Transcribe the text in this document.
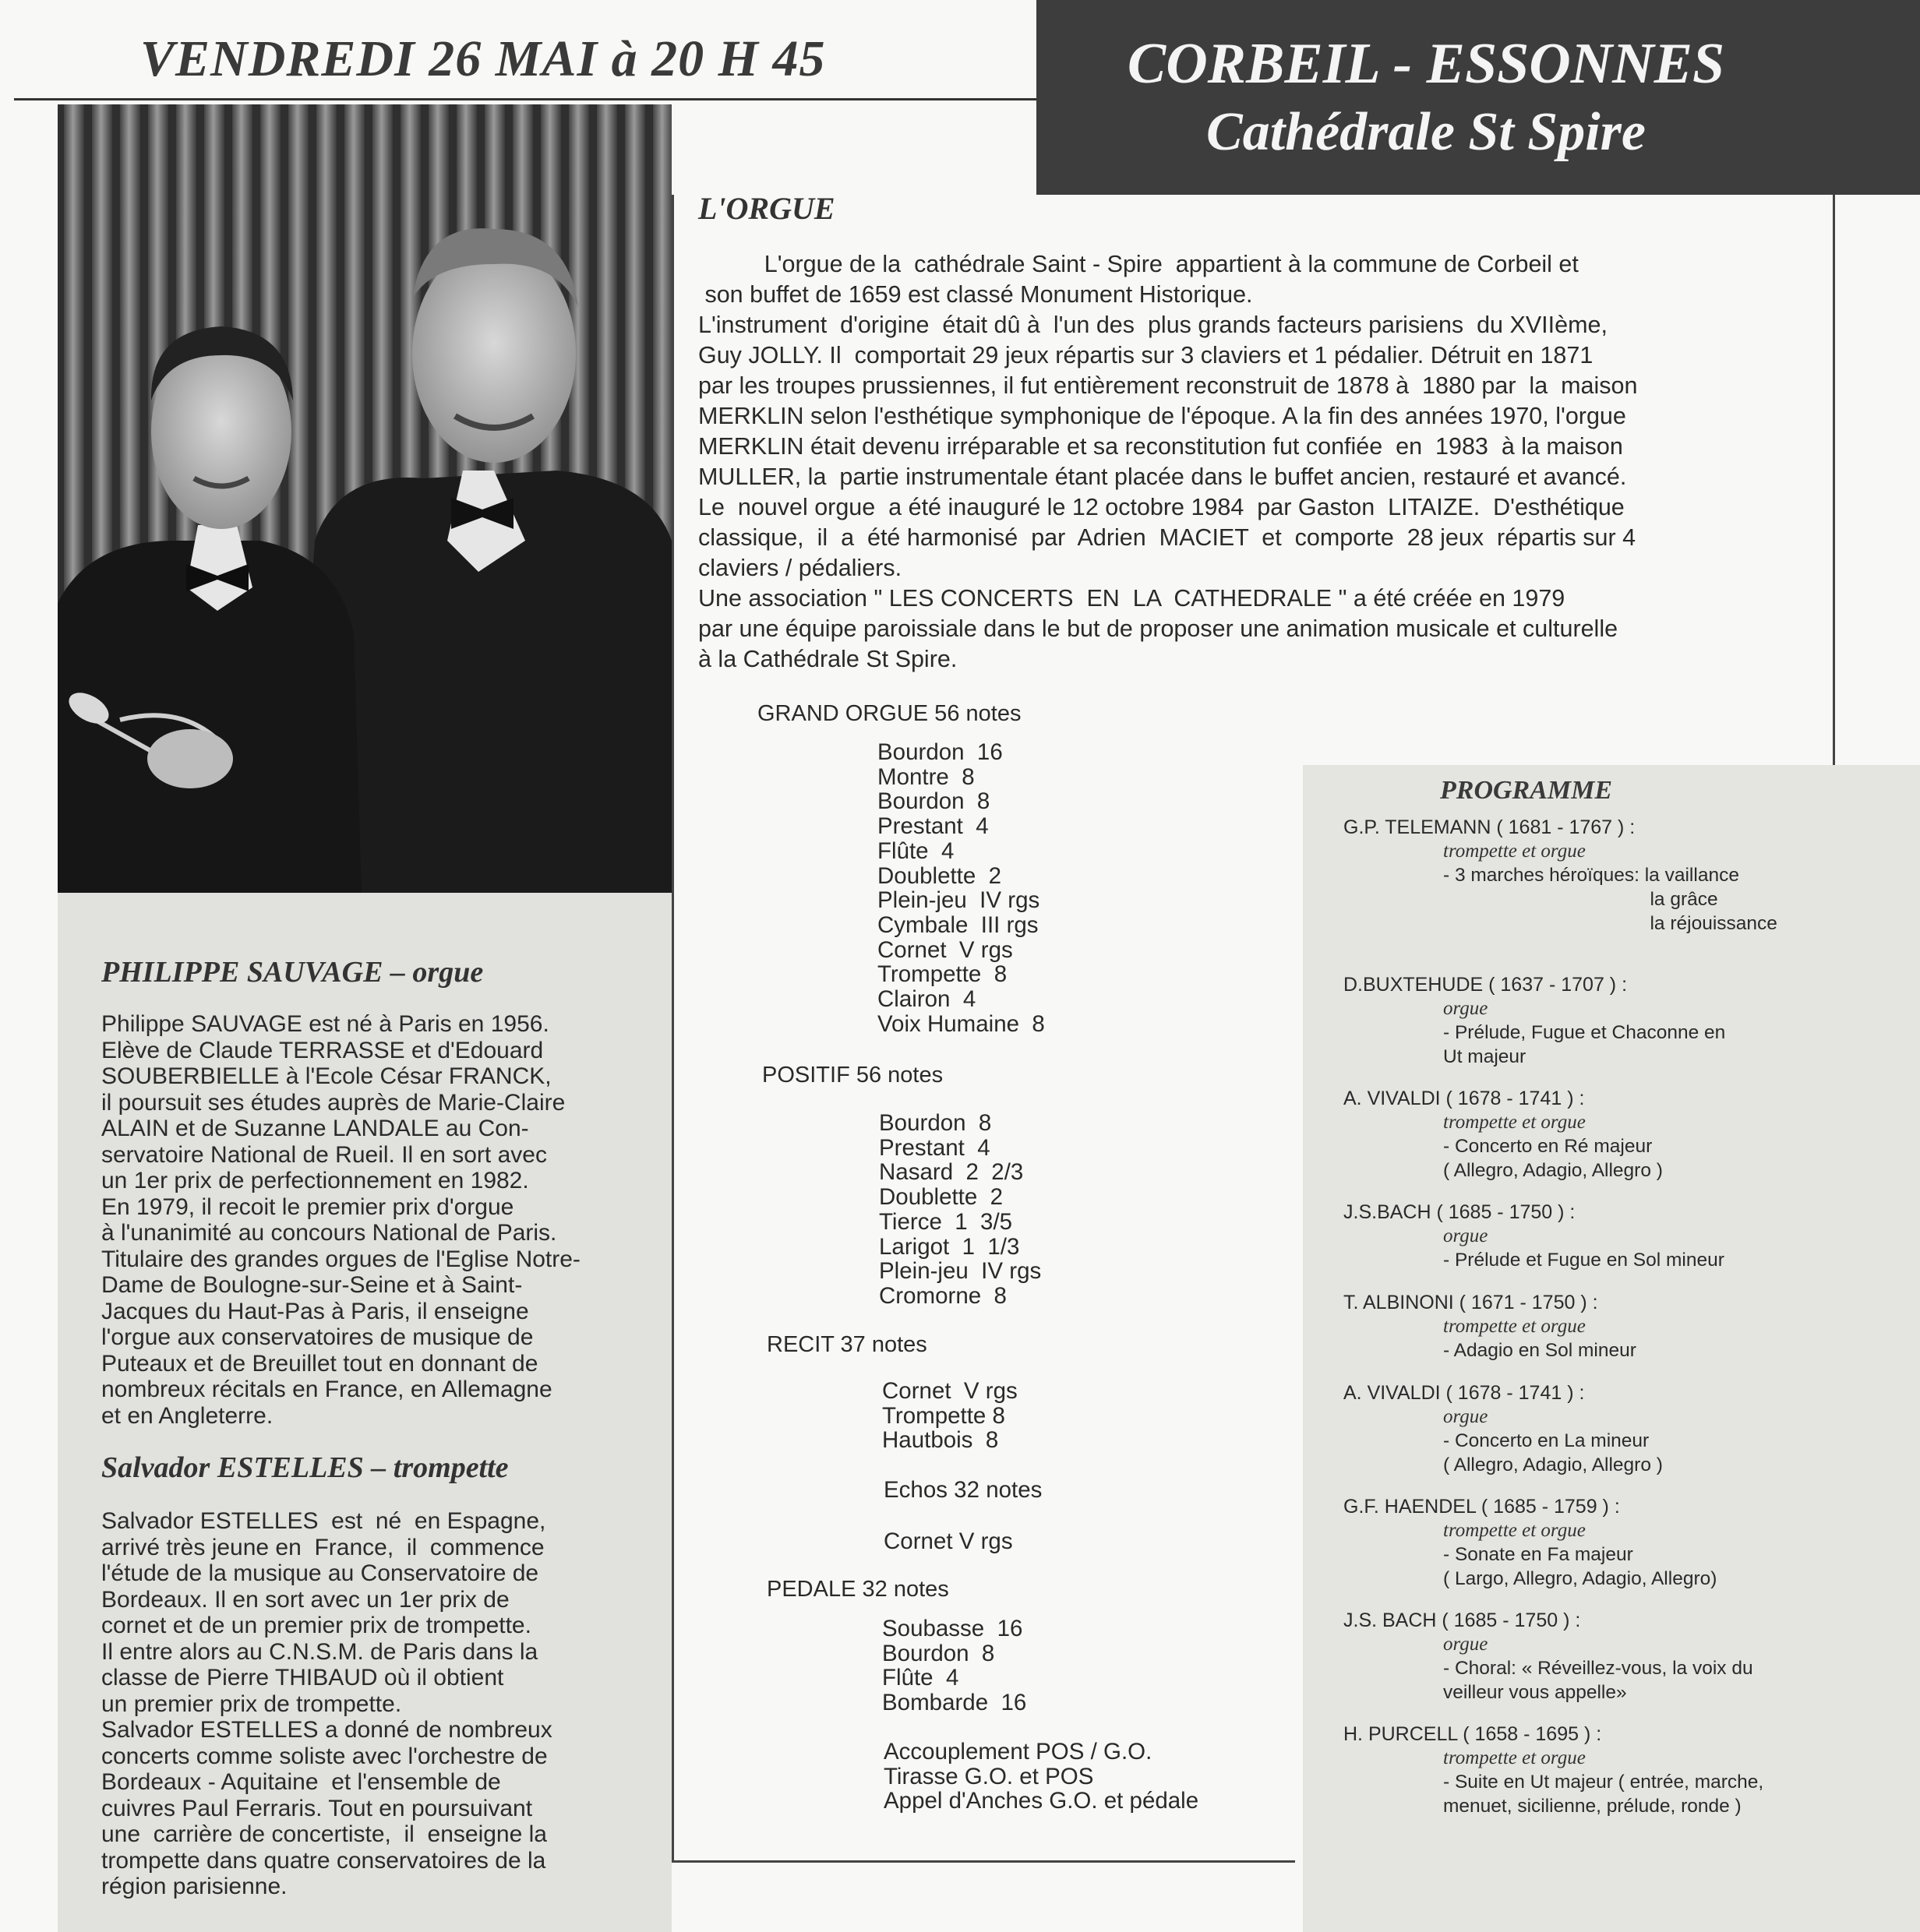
VENDREDI 26 MAI à 20 H 45	CORBEIL - ESSONNES
Cathédrale St Spire
PHILIPPE SAUVAGE – orgue
Philippe SAUVAGE est né à Paris en 1956.
Elève de Claude TERRASSE et d'Edouard
SOUBERBIELLE à l'Ecole César FRANCK,
il poursuit ses études auprès de Marie-Claire
ALAIN et de Suzanne LANDALE au Con-
servatoire National de Rueil. Il en sort avec
un 1er prix de perfectionnement en 1982.
En 1979, il recoit le premier prix d'orgue
à l'unanimité au concours National de Paris.
Titulaire des grandes orgues de l'Eglise Notre-
Dame de Boulogne-sur-Seine et à Saint-
Jacques du Haut-Pas à Paris, il enseigne
l'orgue aux conservatoires de musique de
Puteaux et de Breuillet tout en donnant de
nombreux récitals en France, en Allemagne
et en Angleterre.
Salvador ESTELLES – trompette
Salvador ESTELLES  est  né  en Espagne,
arrivé très jeune en  France,  il  commence
l'étude de la musique au Conservatoire de
Bordeaux. Il en sort avec un 1er prix de
cornet et de un premier prix de trompette.
Il entre alors au C.N.S.M. de Paris dans la
classe de Pierre THIBAUD où il obtient
un premier prix de trompette.
Salvador ESTELLES a donné de nombreux
concerts comme soliste avec l'orchestre de
Bordeaux - Aquitaine  et l'ensemble de
cuivres Paul Ferraris. Tout en poursuivant
une  carrière de concertiste,  il  enseigne la
trompette dans quatre conservatoires de la
région parisienne.
L'ORGUE
L'orgue de la  cathédrale Saint - Spire  appartient à la commune de Corbeil et
son buffet de 1659 est classé Monument Historique.
L'instrument  d'origine  était dû à  l'un des  plus grands facteurs parisiens  du XVIIème,
Guy JOLLY. Il  comportait 29 jeux répartis sur 3 claviers et 1 pédalier. Détruit en 1871
par les troupes prussiennes, il fut entièrement reconstruit de 1878 à  1880 par  la  maison
MERKLIN selon l'esthétique symphonique de l'époque. A la fin des années 1970, l'orgue
MERKLIN était devenu irréparable et sa reconstitution fut confiée  en  1983  à la maison
MULLER, la  partie instrumentale étant placée dans le buffet ancien, restauré et avancé.
Le  nouvel orgue  a été inauguré le 12 octobre 1984  par Gaston  LITAIZE.  D'esthétique
classique,  il  a  été harmonisé  par  Adrien  MACIET  et  comporte  28 jeux  répartis sur 4
claviers / pédaliers.
Une association " LES CONCERTS  EN  LA  CATHEDRALE " a été créée en 1979
par une équipe paroissiale dans le but de proposer une animation musicale et culturelle
à la Cathédrale St Spire.
GRAND ORGUE 56 notes
Bourdon  16
Montre  8
Bourdon  8
Prestant  4
Flûte  4
Doublette  2
Plein-jeu  IV rgs
Cymbale  III rgs
Cornet  V rgs
Trompette  8
Clairon  4
Voix Humaine  8
POSITIF 56 notes
Bourdon  8
Prestant  4
Nasard  2  2/3
Doublette  2
Tierce  1  3/5
Larigot  1  1/3
Plein-jeu  IV rgs
Cromorne  8
RECIT 37 notes
Cornet  V rgs
Trompette 8
Hautbois  8
Echos 32 notes
Cornet V rgs
PEDALE 32 notes
Soubasse  16
Bourdon  8
Flûte  4
Bombarde  16
Accouplement POS / G.O.
Tirasse G.O. et POS
Appel d'Anches G.O. et pédale
PROGRAMME
G.P. TELEMANN ( 1681 - 1767 ) :
trompette et orgue
- 3 marches héroïques: la vaillance
la grâce
la réjouissance
D.BUXTEHUDE ( 1637 - 1707 ) :
orgue
- Prélude, Fugue et Chaconne en
Ut majeur
A. VIVALDI ( 1678 - 1741 ) :
trompette et orgue
- Concerto en Ré majeur
( Allegro, Adagio, Allegro )
J.S.BACH ( 1685 - 1750 ) :
orgue
- Prélude et Fugue en Sol mineur
T. ALBINONI ( 1671 - 1750 ) :
trompette et orgue
- Adagio en Sol mineur
A. VIVALDI ( 1678 - 1741 ) :
orgue
- Concerto en La mineur
( Allegro, Adagio, Allegro )
G.F. HAENDEL ( 1685 - 1759 ) :
trompette et orgue
- Sonate en Fa majeur
( Largo, Allegro, Adagio, Allegro)
J.S. BACH ( 1685 - 1750 ) :
orgue
- Choral: « Réveillez-vous, la voix du
veilleur vous appelle»
H. PURCELL ( 1658 - 1695 ) :
trompette et orgue
- Suite en Ut majeur ( entrée, marche,
menuet, sicilienne, prélude, ronde )
